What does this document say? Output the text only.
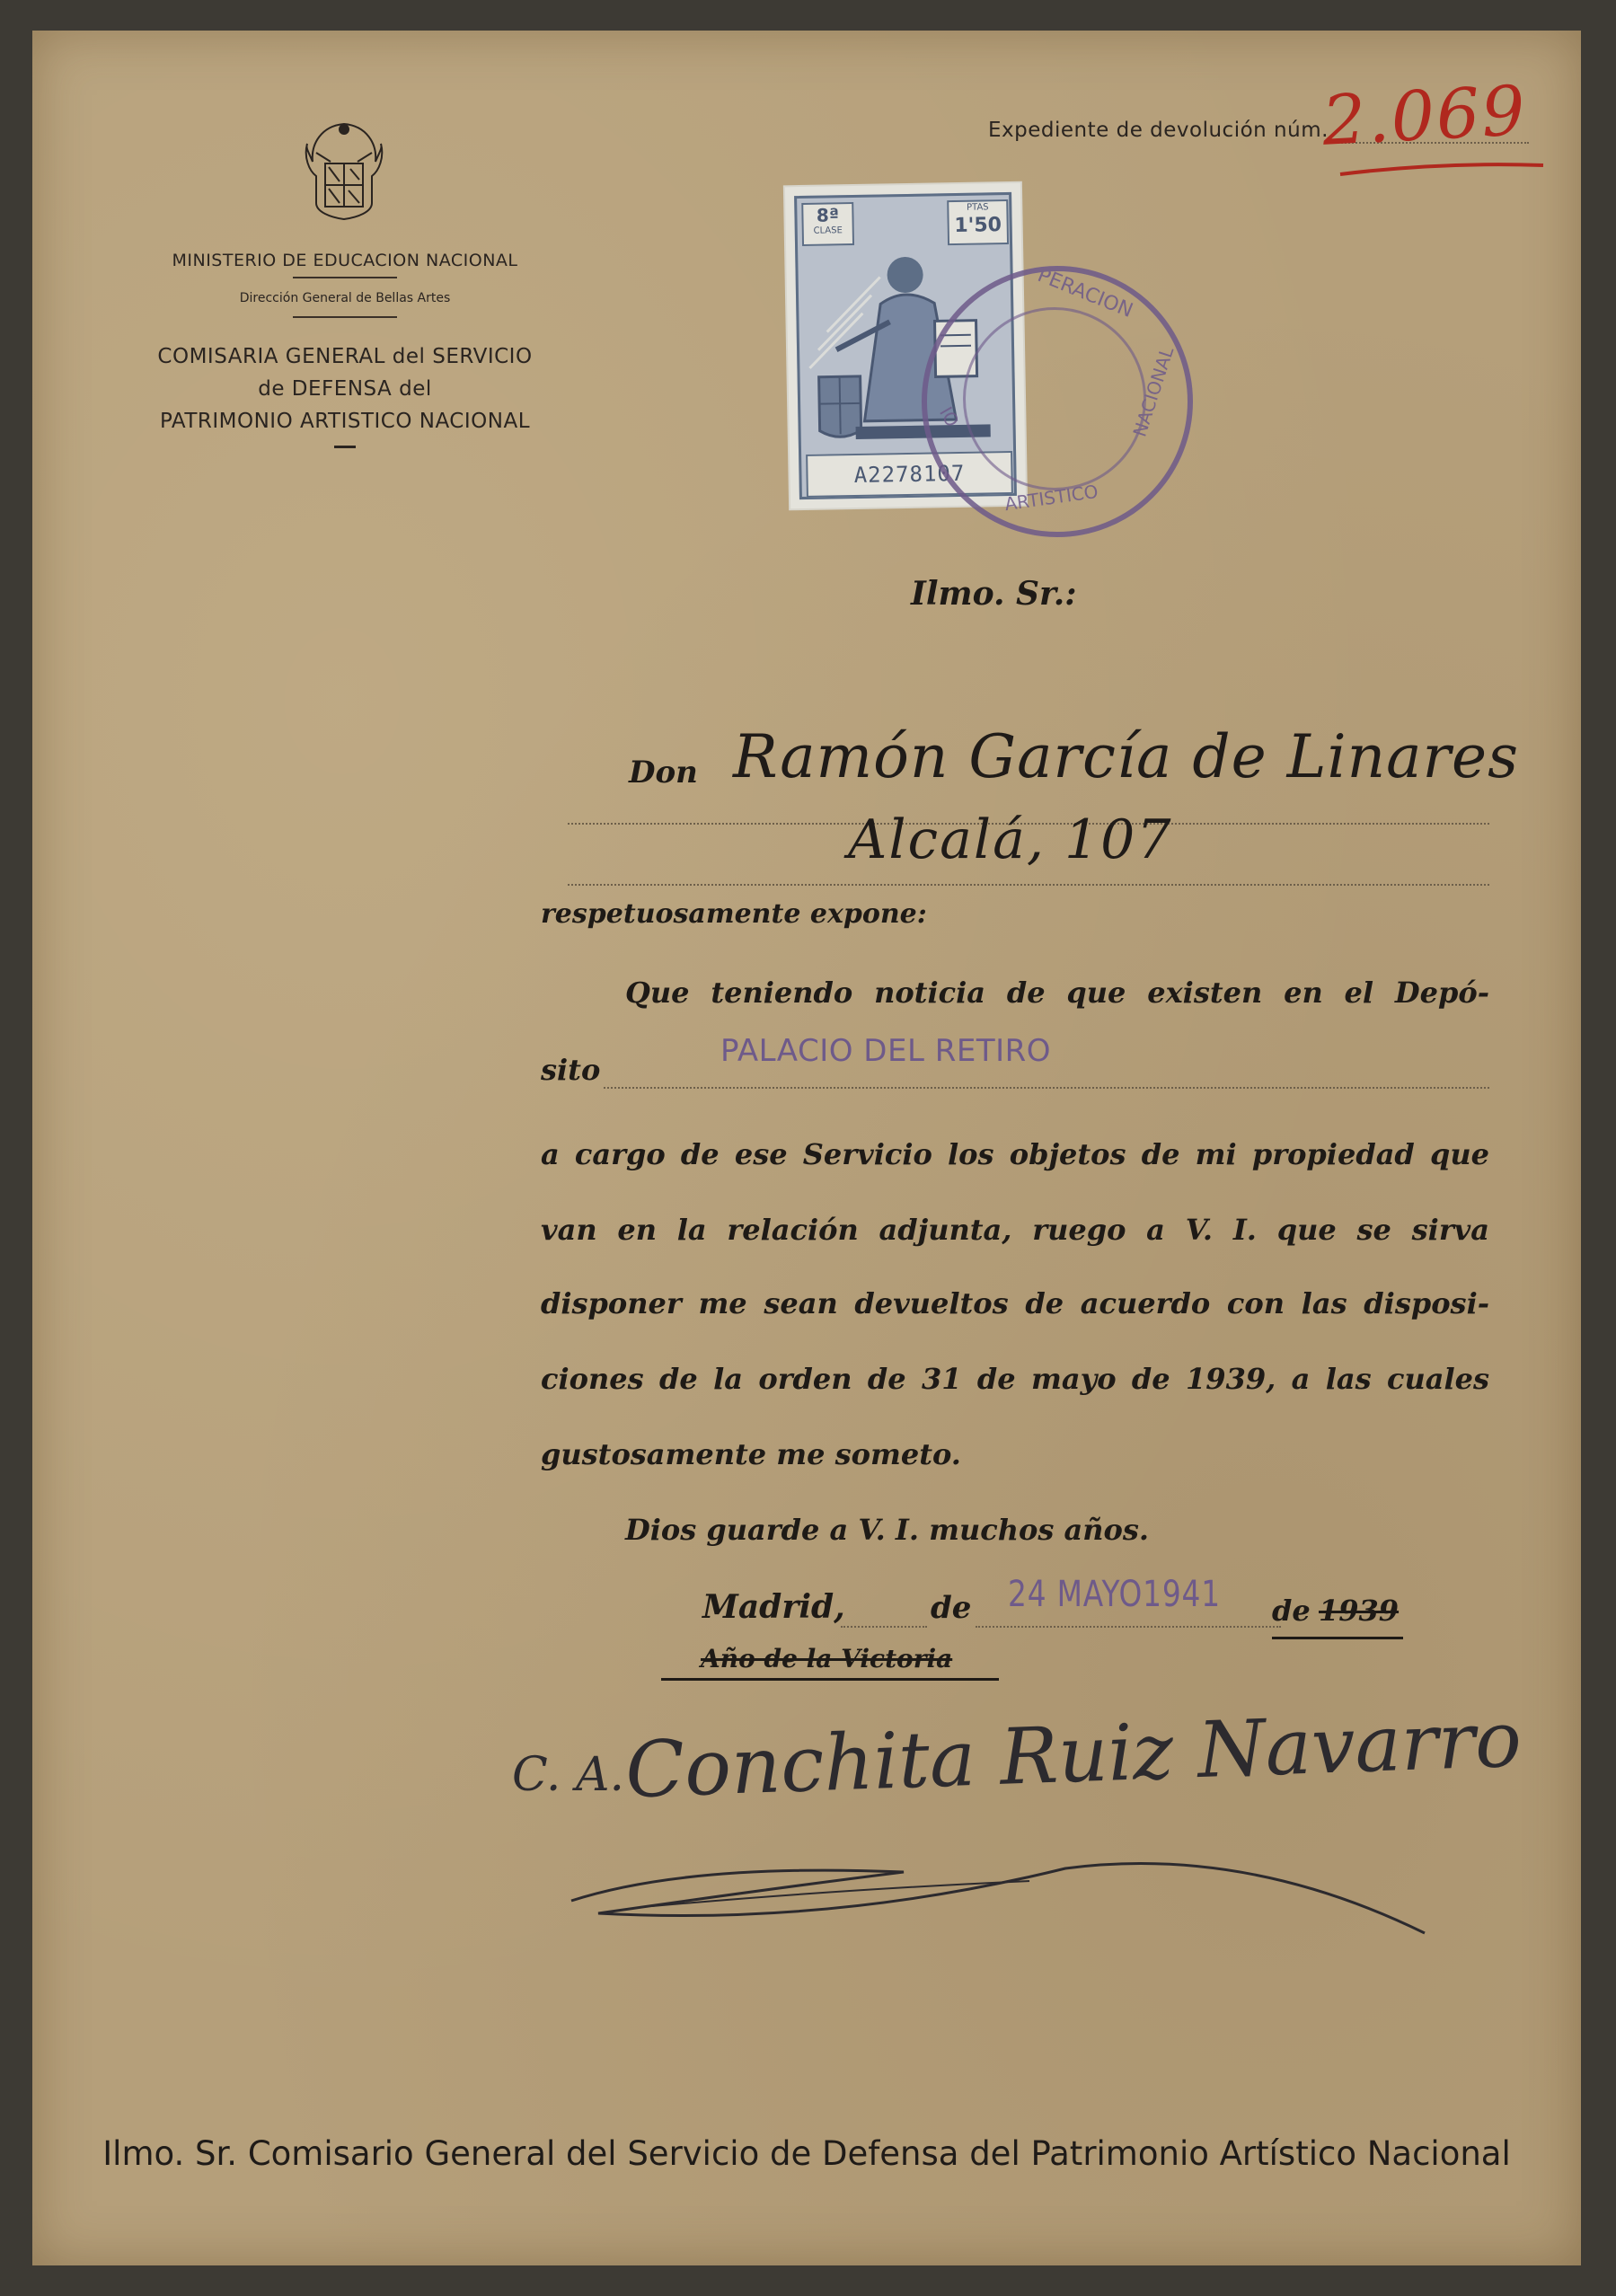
MINISTERIO DE EDUCACION NACIONAL
Dirección General de Bellas Artes
COMISARIA GENERAL del SERVICIO
de DEFENSA del
PATRIMONIO ARTISTICO NACIONAL
Expediente de devolución núm.
2.069
8ª
CLASE
PTAS
1'50
A2278107
PERACION
NACIONAL
ARTISTICO
IO
Ilmo. Sr.:
Don Ramón García de Linares
Alcalá, 107
respetuosamente expone:
Que teniendo noticia de que existen en el Depó-
sito
PALACIO DEL RETIRO
a cargo de ese Servicio los objetos de mi propiedad que
van en la relación adjunta, ruego a V. I. que se sirva
disponer me sean devueltos de acuerdo con las disposi-
ciones de la orden de 31 de mayo de 1939, a las cuales
gustosamente me someto.
Dios guarde a V. I. muchos años.
Madrid,	de 24 MAYO1941 de 1939
Año de la Victoria
C. A. Conchita Ruiz Navarro
Ilmo. Sr. Comisario General del Servicio de Defensa del Patrimonio Artístico Nacional
